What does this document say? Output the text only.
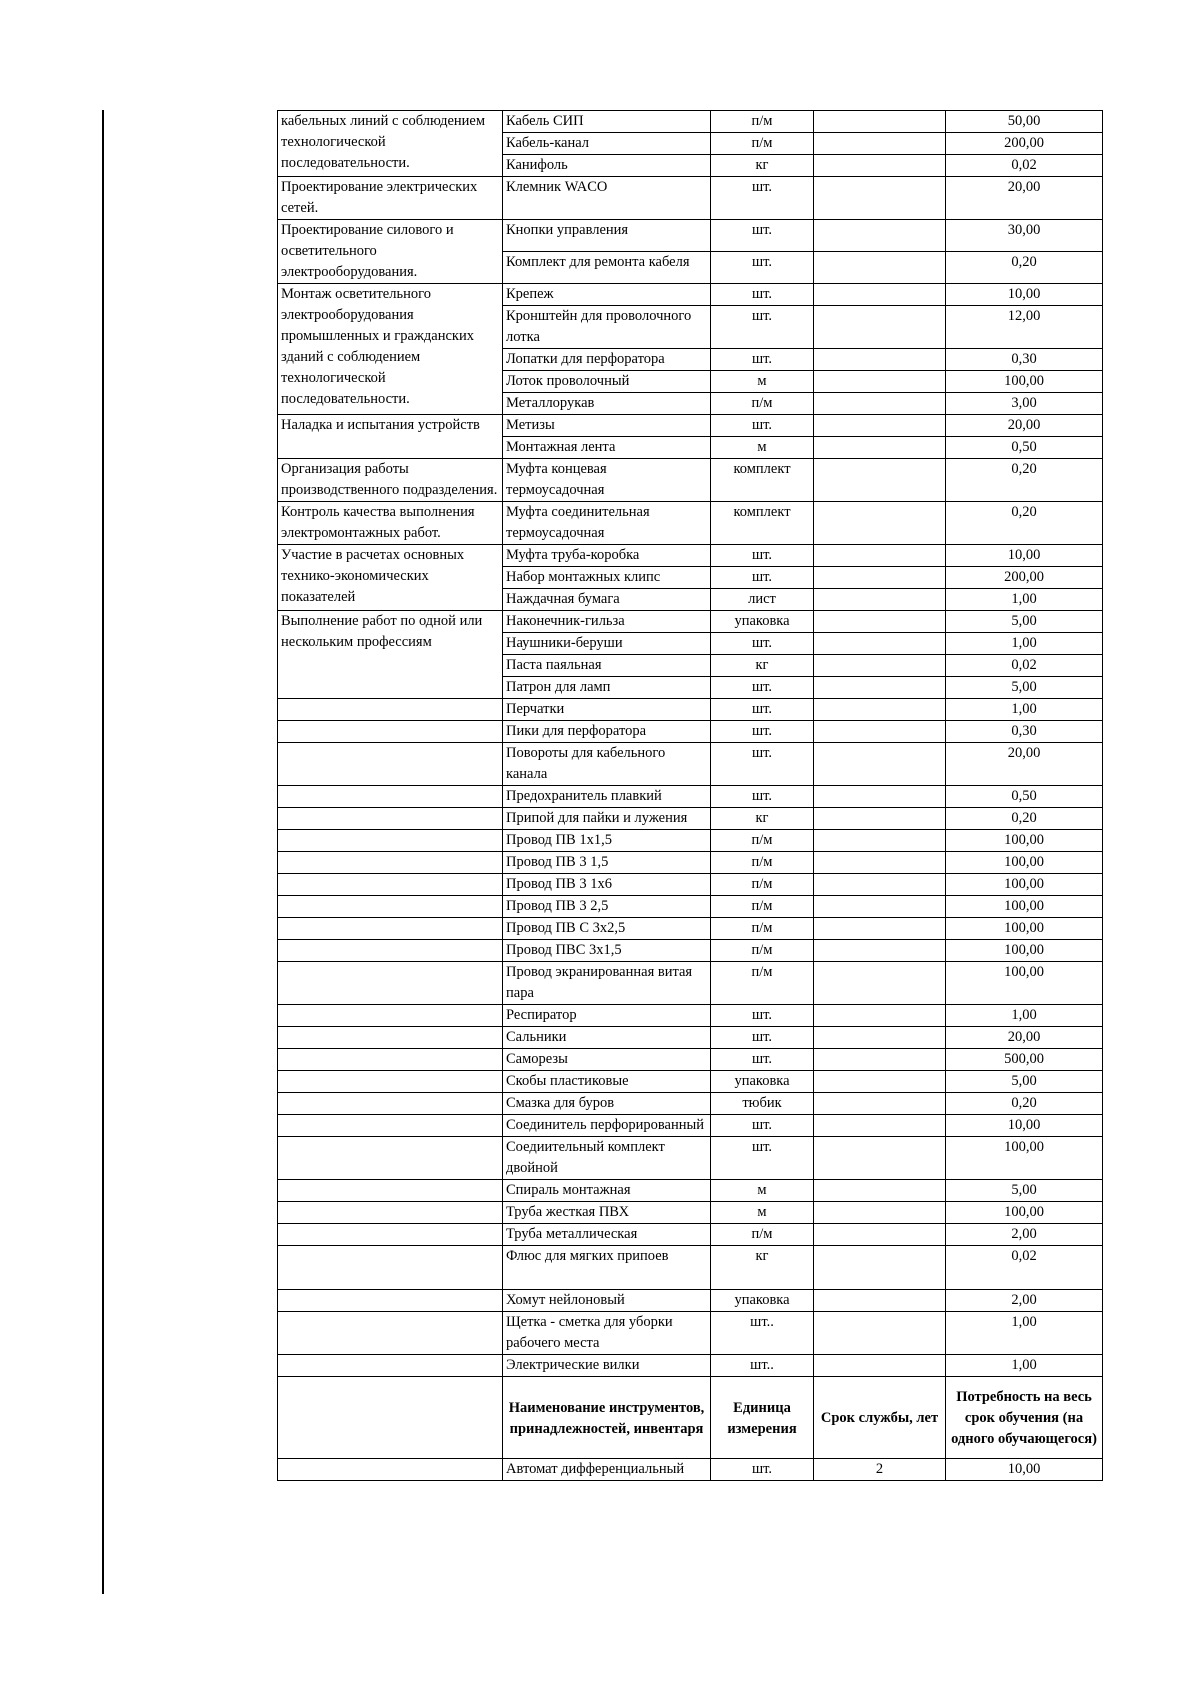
кабельных линий с соблюдением технологической последовательности.	Кабель СИП	п/м		50,00
	Кабель-канал	п/м		200,00
	Канифоль	кг		0,02
Проектирование электрических сетей.	Клемник WACO	шт.		20,00
Проектирование силового и осветительного электрооборудования.	Кнопки управления	шт.		30,00
	Комплект для ремонта кабеля	шт.		0,20
Монтаж осветительного электрооборудования промышленных и гражданских зданий с соблюдением технологической последовательности.	Крепеж	шт.		10,00
	Кронштейн для проволочного лотка	шт.		12,00
	Лопатки для перфоратора	шт.		0,30
	Лоток проволочный	м		100,00
	Металлорукав	п/м		3,00
Наладка и испытания устройств	Метизы	шт.		20,00
	Монтажная лента	м		0,50
Организация работы производственного подразделения.	Муфта концевая термоусадочная	комплект		0,20
Контроль качества выполнения электромонтажных работ.	Муфта соединительная термоусадочная	комплект		0,20
Участие в расчетах основных технико-экономических показателей	Муфта труба-коробка	шт.		10,00
	Набор монтажных клипс	шт.		200,00
	Наждачная бумага	лист		1,00
Выполнение работ по одной или нескольким профессиям	Наконечник-гильза	упаковка		5,00
	Наушники-беруши	шт.		1,00
	Паста паяльная	кг		0,02
	Патрон для ламп	шт.		5,00
	Перчатки	шт.		1,00
	Пики для перфоратора	шт.		0,30
	Повороты для кабельного канала	шт.		20,00
	Предохранитель плавкий	шт.		0,50
	Припой для пайки и лужения	кг		0,20
	Провод ПВ 1х1,5	п/м		100,00
	Провод ПВ 3 1,5	п/м		100,00
	Провод ПВ 3 1х6	п/м		100,00
	Провод ПВ 3 2,5	п/м		100,00
	Провод ПВ С 3х2,5	п/м		100,00
	Провод ПВС 3х1,5	п/м		100,00
	Провод экранированная витая пара	п/м		100,00
	Респиратор	шт.		1,00
	Сальники	шт.		20,00
	Саморезы	шт.		500,00
	Скобы пластиковые	упаковка		5,00
	Смазка для буров	тюбик		0,20
	Соединитель перфорированный	шт.		10,00
	Соедиительный комплект двойной	шт.		100,00
	Спираль монтажная	м		5,00
	Труба жесткая ПВХ	м		100,00
	Труба металлическая	п/м		2,00
	Флюс для мягких припоев	кг		0,02
	Хомут нейлоновый	упаковка		2,00
	Щетка - сметка для уборки рабочего места	шт..		1,00
	Электрические вилки	шт..		1,00
	Наименование инструментов, принадлежностей, инвентаря	Единица измерения	Срок службы, лет	Потребность на весь срок обучения (на одного обучающегося)
	Автомат дифференциальный	шт.	2	10,00
